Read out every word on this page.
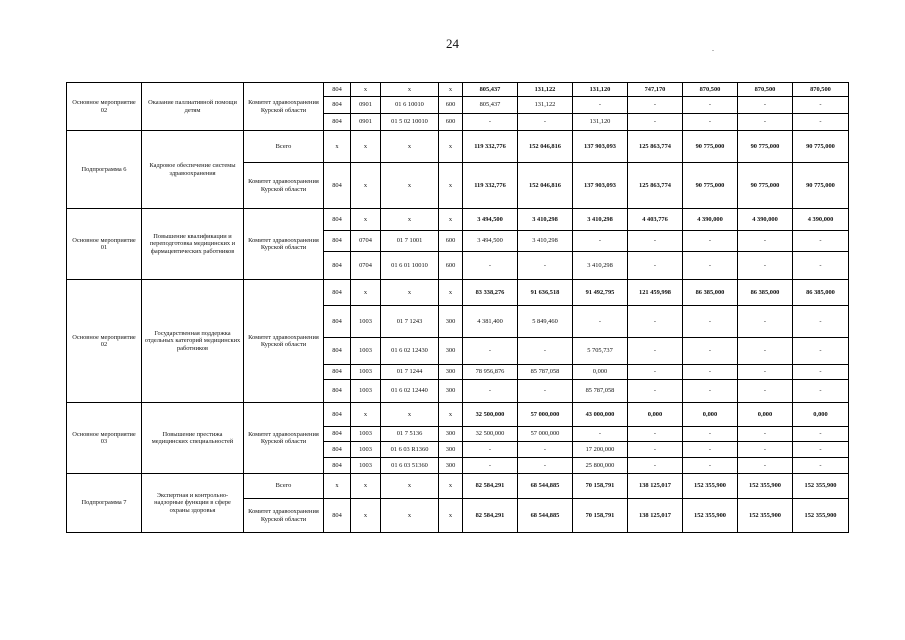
24
Основное мероприятие 02	Оказание паллиативной помощи детям	Комитет здравоохранения Курской области	804	х	х	х	805,437	131,122	131,120	747,170	870,500	870,500	870,500
			804	0901	01 6 10010	600	805,437	131,122	-	-	-	-	-
			804	0901	01 5 02 10010	600	-	-	131,120	-	-	-	-
Подпрограмма 6	Кадровое обеспечение системы здравоохранения	Всего	х	х	х	х	119 332,776	152 046,816	137 903,093	125 863,774	90 775,000	90 775,000	90 775,000
		Комитет здравоохранения Курской области	804	х	х	х	119 332,776	152 046,816	137 903,093	125 863,774	90 775,000	90 775,000	90 775,000
Основное мероприятие 01	Повышение квалификации и переподготовка медицинских и фармацевтических работников	Комитет здравоохранения Курской области	804	х	х	х	3 494,500	3 410,298	3 410,298	4 403,776	4 390,000	4 390,000	4 390,000
			804	0704	01 7 1001	600	3 494,500	3 410,298	-	-	-	-	-
			804	0704	01 6 01 10010	600	-	-	3 410,298	-	-	-	-
Основное мероприятие 02	Государственная поддержка отдельных категорий медицинских работников	Комитет здравоохранения Курской области	804	х	х	х	83 338,276	91 636,518	91 492,795	121 459,998	86 385,000	86 385,000	86 385,000
			804	1003	01 7 1243	300	4 381,400	5 849,460	-	-	-	-	-
			804	1003	01 6 02 12430	300	-	-	5 705,737	-	-	-	-
			804	1003	01 7 1244	300	78 956,876	85 787,058	0,000	-	-	-	-
			804	1003	01 6 02 12440	300	-	-	85 787,058	-	-	-	-
Основное мероприятие 03	Повышение престижа медицинских специальностей	Комитет здравоохранения Курской области	804	х	х	х	32 500,000	57 000,000	43 000,000	0,000	0,000	0,000	0,000
			804	1003	01 7 5136	300	32 500,000	57 000,000	-	-	-	-	-
			804	1003	01 6 03 R1360	300	-	-	17 200,000	-	-	-	-
			804	1003	01 6 03 51360	300	-	-	25 800,000	-	-	-	-
Подпрограмма 7	Экспертная и контрольно-надзорные функции в сфере охраны здоровья	Всего	х	х	х	х	82 584,291	68 544,885	70 158,791	138 125,017	152 355,900	152 355,900	152 355,900
		Комитет здравоохранения Курской области	804	х	х	х	82 584,291	68 544,885	70 158,791	138 125,017	152 355,900	152 355,900	152 355,900
